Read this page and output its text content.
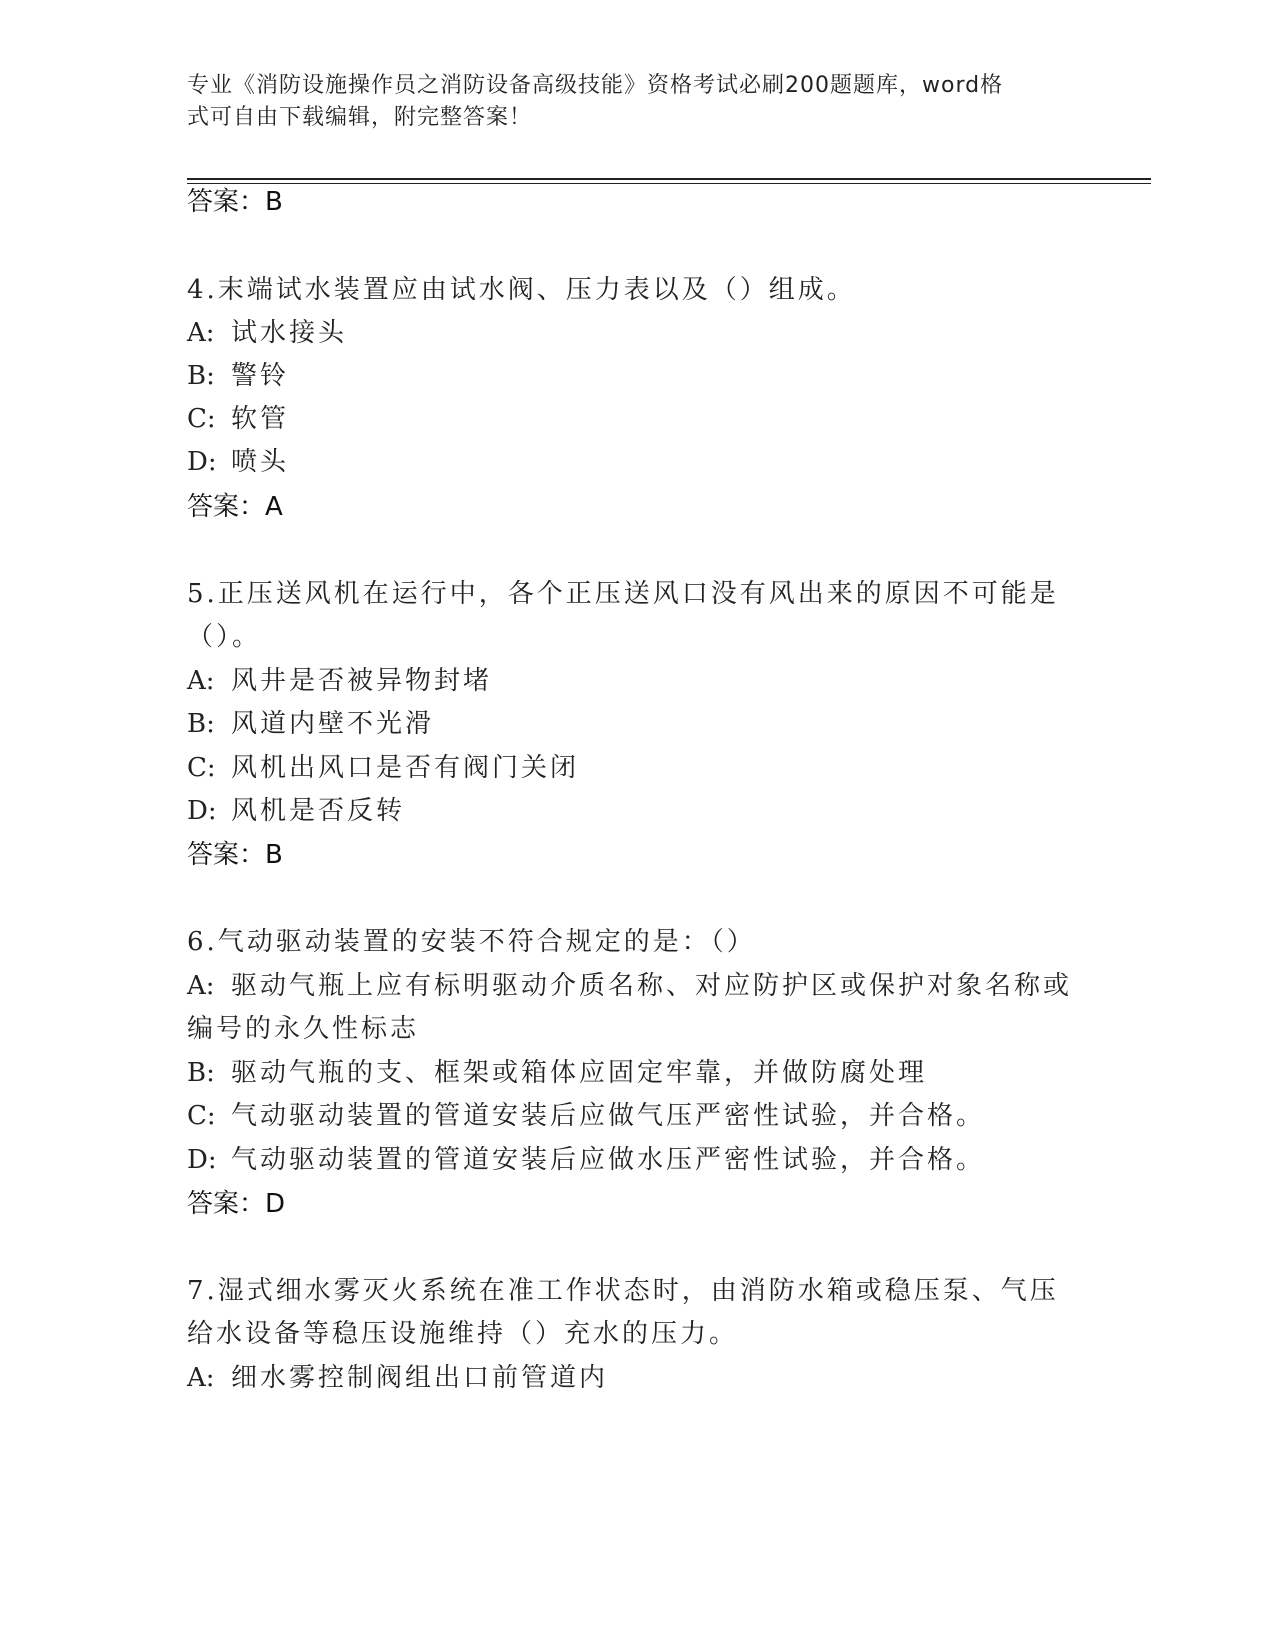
专业《消防设施操作员之消防设备高级技能》资格考试必刷200题题库，word格
式可自由下载编辑，附完整答案！
答案：B
4.末端试水装置应由试水阀、压力表以及（）组成。
A: 试水接头
B: 警铃
C: 软管
D: 喷头
答案：A
5.正压送风机在运行中，各个正压送风口没有风出来的原因不可能是
（）。
A: 风井是否被异物封堵
B: 风道内壁不光滑
C: 风机出风口是否有阀门关闭
D: 风机是否反转
答案：B
6.气动驱动装置的安装不符合规定的是：（）
A: 驱动气瓶上应有标明驱动介质名称、对应防护区或保护对象名称或
编号的永久性标志
B: 驱动气瓶的支、框架或箱体应固定牢靠，并做防腐处理
C: 气动驱动装置的管道安装后应做气压严密性试验，并合格。
D: 气动驱动装置的管道安装后应做水压严密性试验，并合格。
答案：D
7.湿式细水雾灭火系统在准工作状态时，由消防水箱或稳压泵、气压
给水设备等稳压设施维持（）充水的压力。
A: 细水雾控制阀组出口前管道内
